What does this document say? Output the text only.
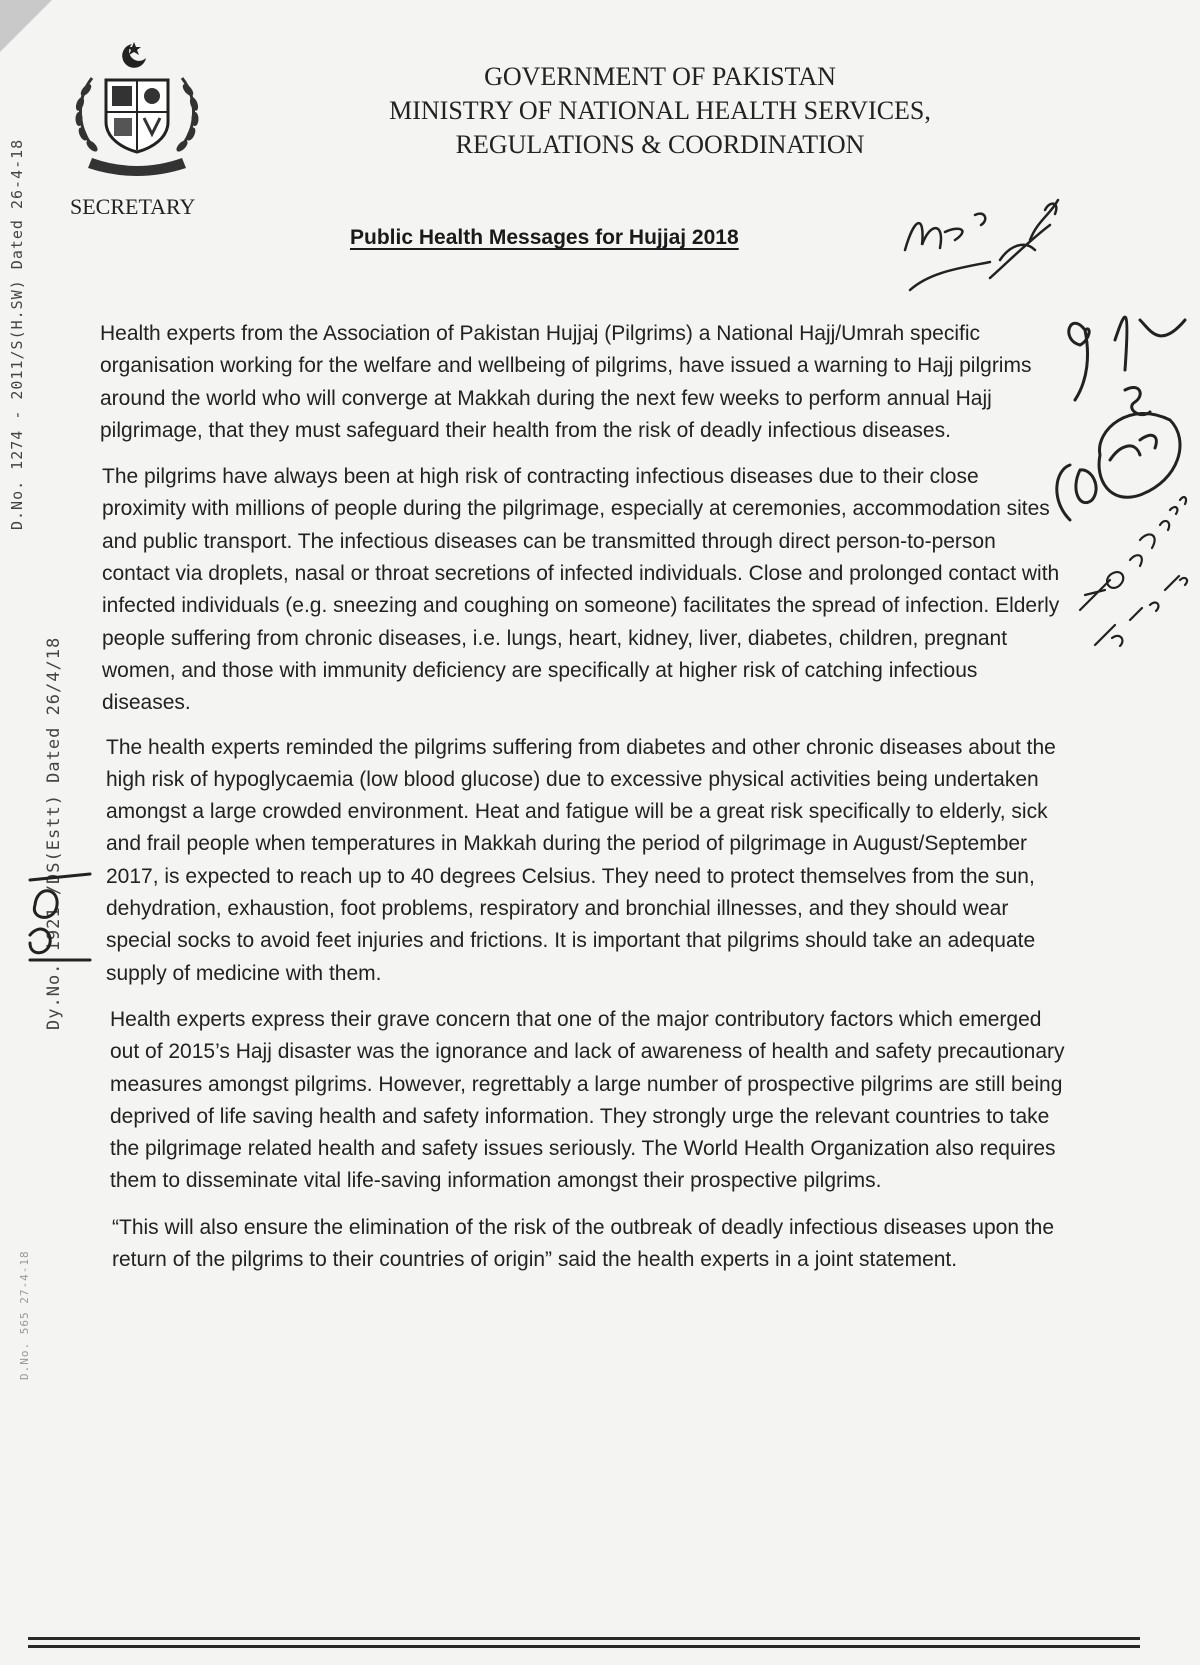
SECRETARY
GOVERNMENT OF PAKISTAN
MINISTRY OF NATIONAL HEALTH SERVICES,
REGULATIONS & COORDINATION
Public Health Messages for Hujjaj 2018

Health experts from the Association of Pakistan Hujjaj (Pilgrims) a National Hajj/Umrah specific organisation working for the welfare and wellbeing of pilgrims, have issued a warning to Hajj pilgrims around the world who will converge at Makkah during the next few weeks to perform annual Hajj pilgrimage, that they must safeguard their health from the risk of deadly infectious diseases.

The pilgrims have always been at high risk of contracting infectious diseases due to their close proximity with millions of people during the pilgrimage, especially at ceremonies, accommodation sites and public transport. The infectious diseases can be transmitted through direct person-to-person contact via droplets, nasal or throat secretions of infected individuals. Close and prolonged contact with infected individuals (e.g. sneezing and coughing on someone) facilitates the spread of infection. Elderly people suffering from chronic diseases, i.e. lungs, heart, kidney, liver, diabetes, children, pregnant women, and those with immunity deficiency are specifically at higher risk of catching infectious diseases.

The health experts reminded the pilgrims suffering from diabetes and other chronic diseases about the high risk of hypoglycaemia (low blood glucose) due to excessive physical activities being undertaken amongst a large crowded environment. Heat and fatigue will be a great risk specifically to elderly, sick and frail people when temperatures in Makkah during the period of pilgrimage in August/September 2017, is expected to reach up to 40 degrees Celsius. They need to protect themselves from the sun, dehydration, exhaustion, foot problems, respiratory and bronchial illnesses, and they should wear special socks to avoid feet injuries and frictions. It is important that pilgrims should take an adequate supply of medicine with them.

Health experts express their grave concern that one of the major contributory factors which emerged out of 2015’s Hajj disaster was the ignorance and lack of awareness of health and safety precautionary measures amongst pilgrims. However, regrettably a large number of prospective pilgrims are still being deprived of life saving health and safety information. They strongly urge the relevant countries to take the pilgrimage related health and safety issues seriously. The World Health Organization also requires them to disseminate vital life-saving information amongst their prospective pilgrims.

“This will also ensure the elimination of the risk of the outbreak of deadly infectious diseases upon the return of the pilgrims to their countries of origin” said the health experts in a joint statement.

D.No. 1274 - 2011/S(H.SW) Dated 26-4-18
Dy.No. 1921 /DS(Estt) Dated 26/4/18
D.No. 565 27-4-18
